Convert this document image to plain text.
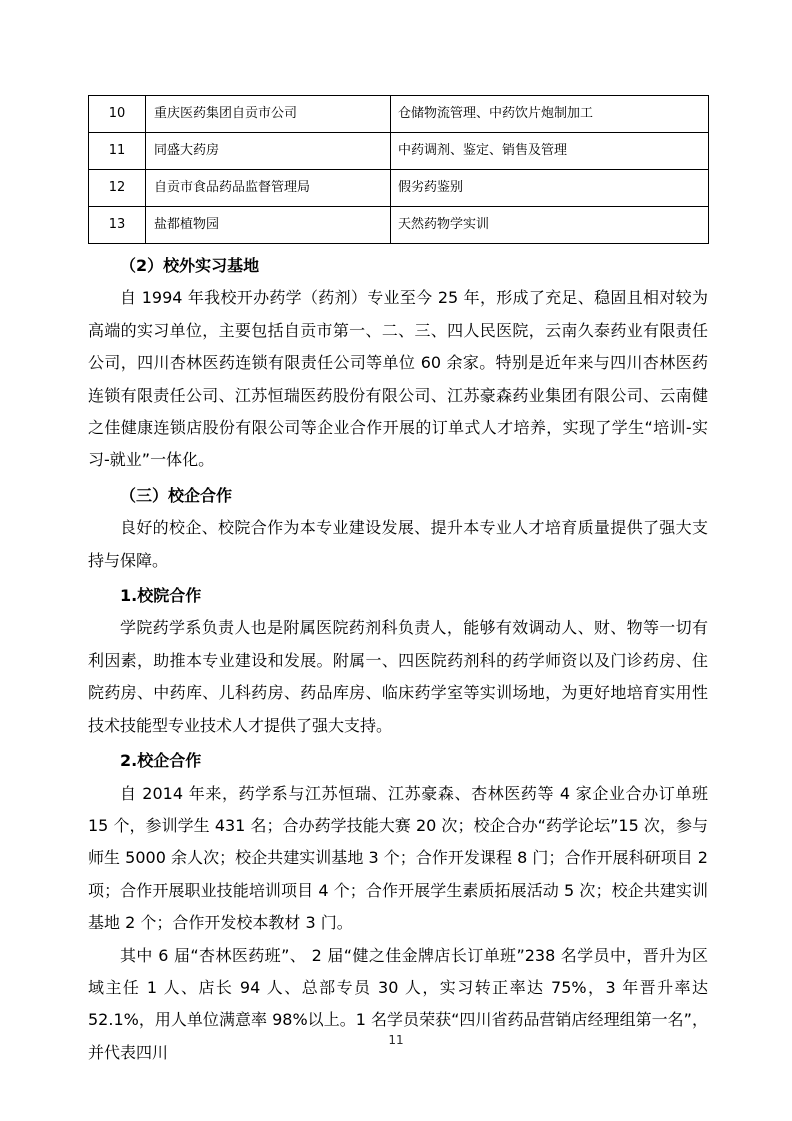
10	重庆医药集团自贡市公司	仓储物流管理、中药饮片炮制加工
11	同盛大药房	中药调剂、鉴定、销售及管理
12	自贡市食品药品监督管理局	假劣药鉴别
13	盐都植物园	天然药物学实训
（2）校外实习基地
自 1994 年我校开办药学（药剂）专业至今 25 年，形成了充足、稳固且相对较为高端的实习单位，主要包括自贡市第一、二、三、四人民医院，云南久泰药业有限责任公司，四川杏林医药连锁有限责任公司等单位 60 余家。特别是近年来与四川杏林医药连锁有限责任公司、江苏恒瑞医药股份有限公司、江苏豪森药业集团有限公司、云南健之佳健康连锁店股份有限公司等企业合作开展的订单式人才培养，实现了学生“培训-实习-就业”一体化。
（三）校企合作
良好的校企、校院合作为本专业建设发展、提升本专业人才培育质量提供了强大支持与保障。
1.校院合作
学院药学系负责人也是附属医院药剂科负责人，能够有效调动人、财、物等一切有利因素，助推本专业建设和发展。附属一、四医院药剂科的药学师资以及门诊药房、住院药房、中药库、儿科药房、药品库房、临床药学室等实训场地，为更好地培育实用性技术技能型专业技术人才提供了强大支持。
2.校企合作
自 2014 年来，药学系与江苏恒瑞、江苏豪森、杏林医药等 4 家企业合办订单班 15 个，参训学生 431 名；合办药学技能大赛 20 次；校企合办“药学论坛”15 次，参与师生 5000 余人次；校企共建实训基地 3 个；合作开发课程 8 门；合作开展科研项目 2 项；合作开展职业技能培训项目 4 个；合作开展学生素质拓展活动 5 次；校企共建实训基地 2 个；合作开发校本教材 3 门。
其中 6 届“杏林医药班”、 2 届“健之佳金牌店长订单班”238 名学员中，晋升为区域主任 1 人、店长 94 人、总部专员 30 人，实习转正率达 75%，3 年晋升率达 52.1%，用人单位满意率 98%以上。1 名学员荣获“四川省药品营销店经理组第一名”，并代表四川
11
